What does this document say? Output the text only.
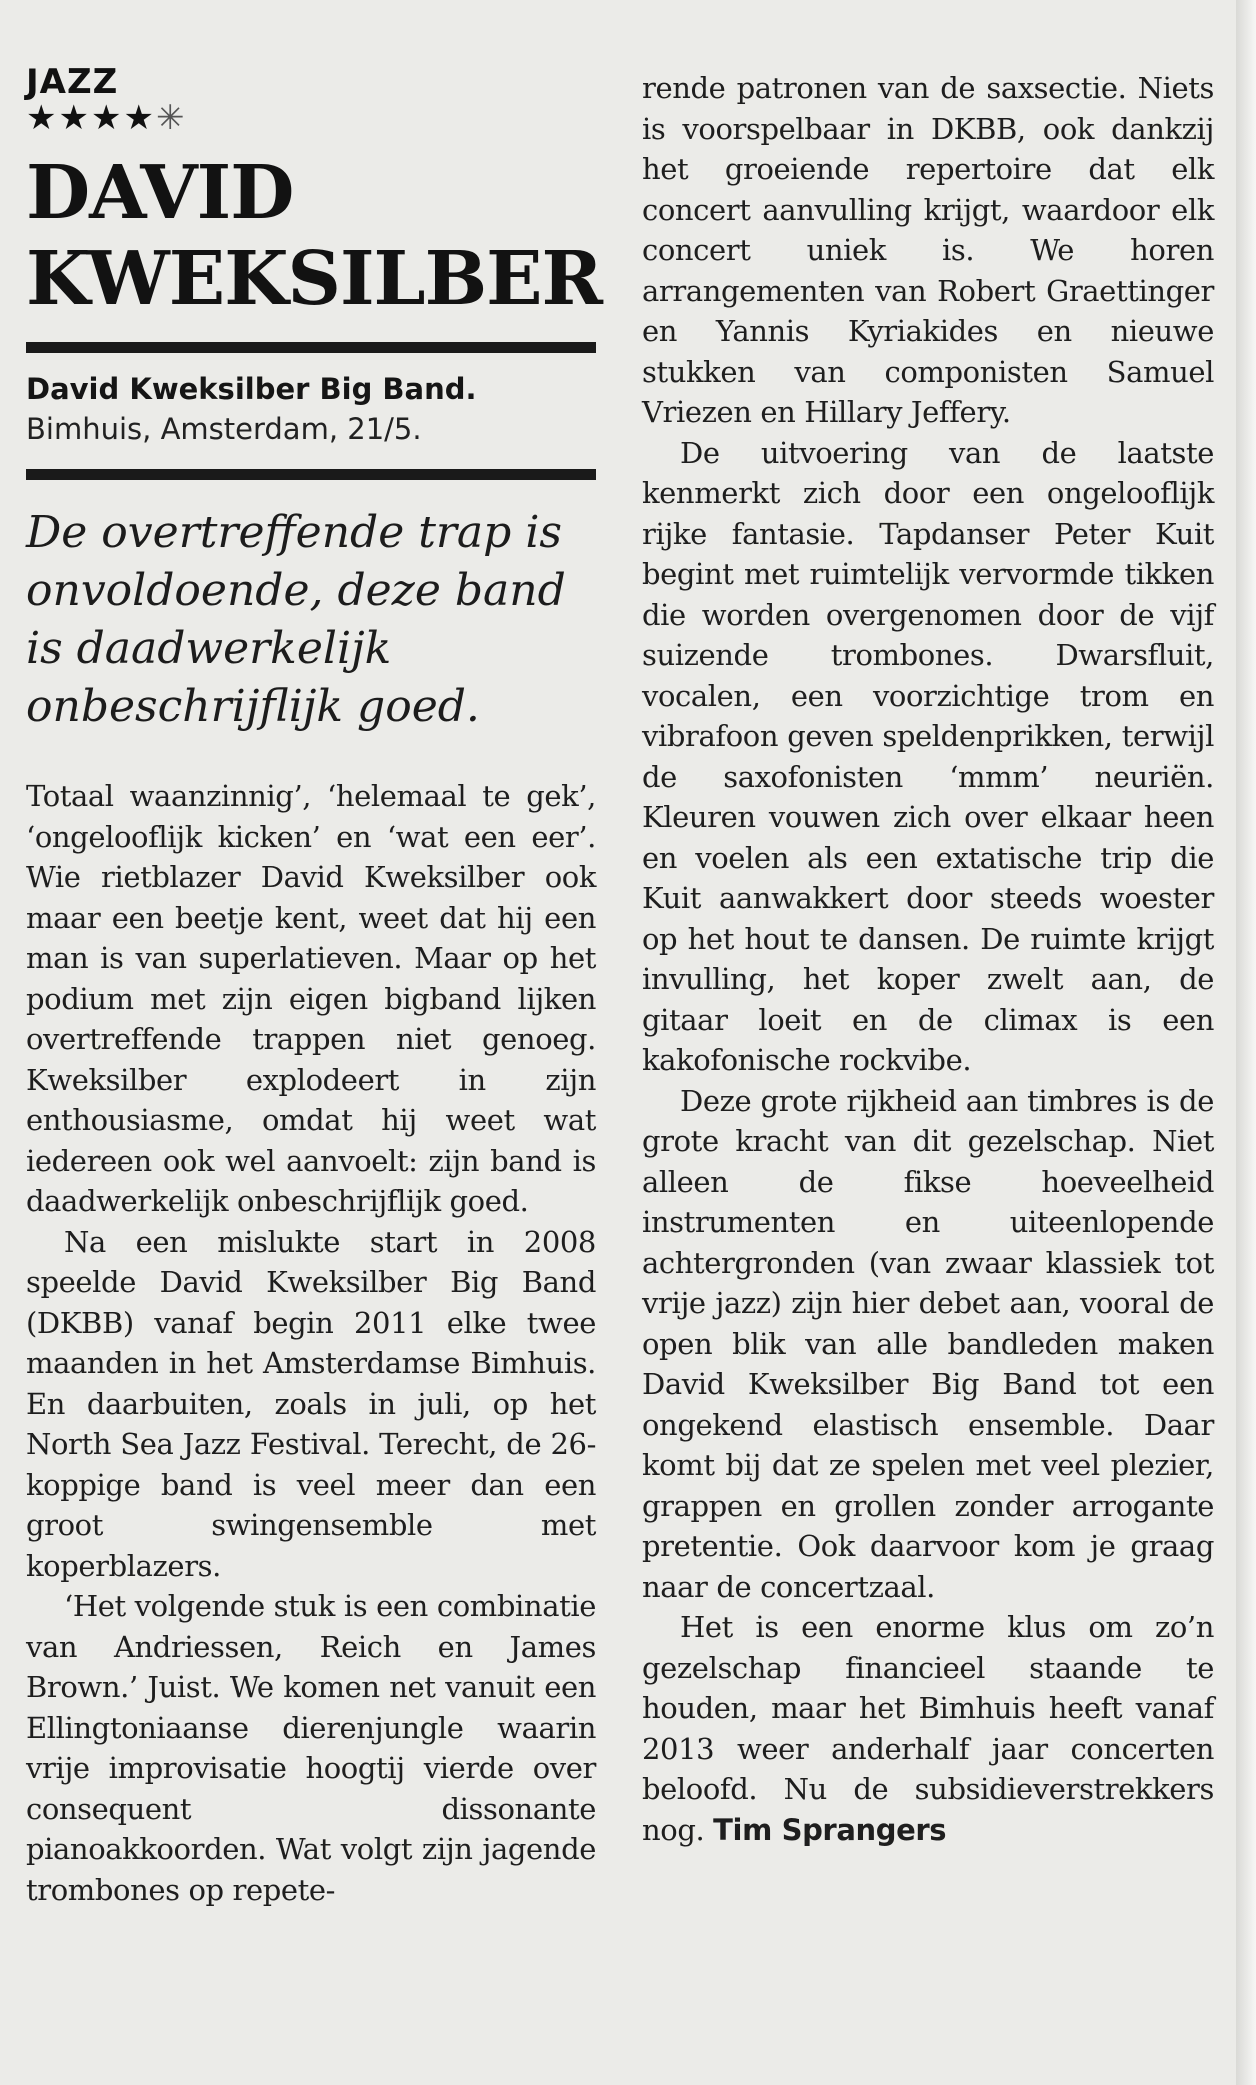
JAZZ
★★★★✳
DAVID
KWEKSILBER
David Kweksilber Big Band.
Bimhuis, Amsterdam, 21/5.
De overtreffende trap is onvoldoende, deze band is daadwerkelijk onbeschrijflijk goed.

Totaal waanzinnig’, ‘helemaal te gek’, ‘ongelooflijk kicken’ en ‘wat een eer’. Wie rietblazer David Kweksilber ook maar een beetje kent, weet dat hij een man is van superlatieven. Maar op het podium met zijn eigen bigband lijken overtreffende trappen niet genoeg. Kweksilber explodeert in zijn enthousiasme, omdat hij weet wat iedereen ook wel aanvoelt: zijn band is daadwerkelijk onbeschrijflijk goed.

Na een mislukte start in 2008 speelde David Kweksilber Big Band (DKBB) vanaf begin 2011 elke twee maanden in het Amsterdamse Bimhuis. En daarbuiten, zoals in juli, op het North Sea Jazz Festival. Terecht, de 26-koppige band is veel meer dan een groot swingensemble met koperblazers.

‘Het volgende stuk is een combinatie van Andriessen, Reich en James Brown.’ Juist. We komen net vanuit een Ellingtoniaanse dierenjungle waarin vrije improvisatie hoogtij vierde over consequent dissonante pianoakkoorden. Wat volgt zijn jagende trombones op repete-

rende patronen van de saxsectie. Niets is voorspelbaar in DKBB, ook dankzij het groeiende repertoire dat elk concert aanvulling krijgt, waardoor elk concert uniek is. We horen arrangementen van Robert Graettinger en Yannis Kyriakides en nieuwe stukken van componisten Samuel Vriezen en Hillary Jeffery.

De uitvoering van de laatste kenmerkt zich door een ongelooflijk rijke fantasie. Tapdanser Peter Kuit begint met ruimtelijk vervormde tikken die worden overgenomen door de vijf suizende trombones. Dwarsfluit, vocalen, een voorzichtige trom en vibrafoon geven speldenprikken, terwijl de saxofonisten ‘mmm’ neuriën. Kleuren vouwen zich over elkaar heen en voelen als een extatische trip die Kuit aanwakkert door steeds woester op het hout te dansen. De ruimte krijgt invulling, het koper zwelt aan, de gitaar loeit en de climax is een kakofonische rockvibe.

Deze grote rijkheid aan timbres is de grote kracht van dit gezelschap. Niet alleen de fikse hoeveelheid instrumenten en uiteenlopende achtergronden (van zwaar klassiek tot vrije jazz) zijn hier debet aan, vooral de open blik van alle bandleden maken David Kweksilber Big Band tot een ongekend elastisch ensemble. Daar komt bij dat ze spelen met veel plezier, grappen en grollen zonder arrogante pretentie. Ook daarvoor kom je graag naar de concertzaal.

Het is een enorme klus om zo’n gezelschap financieel staande te houden, maar het Bimhuis heeft vanaf 2013 weer anderhalf jaar concerten beloofd. Nu de subsidieverstrekkers nog. Tim Sprangers
